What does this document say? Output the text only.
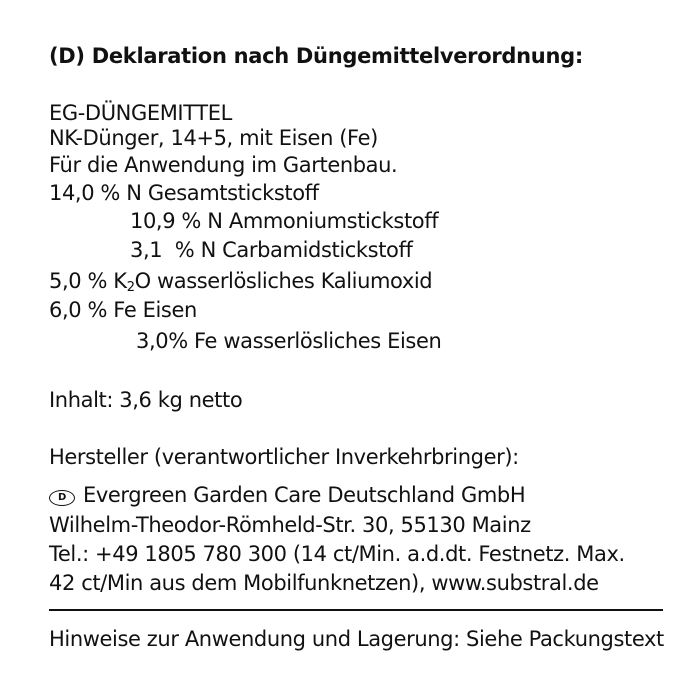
(D) Deklaration nach Düngemittelverordnung:
EG-DÜNGEMITTEL
NK-Dünger, 14+5, mit Eisen (Fe)
Für die Anwendung im Gartenbau.
14,0 % N Gesamtstickstoff
10,9 % N Ammoniumstickstoff
3,1  % N Carbamidstickstoff
5,0 % $K_2O$ wasserlösliches Kaliumoxid
6,0 % Fe Eisen
3,0% Fe wasserlösliches Eisen
Inhalt: 3,6 kg netto
Hersteller (verantwortlicher Inverkehrbringer):
D Evergreen Garden Care Deutschland GmbH
Wilhelm-Theodor-Römheld-Str. 30, 55130 Mainz
Tel.: +49 1805 780 300 (14 ct/Min. a.d.dt. Festnetz. Max.
42 ct/Min aus dem Mobilfunknetzen), www.substral.de
Hinweise zur Anwendung und Lagerung: Siehe Packungstext
